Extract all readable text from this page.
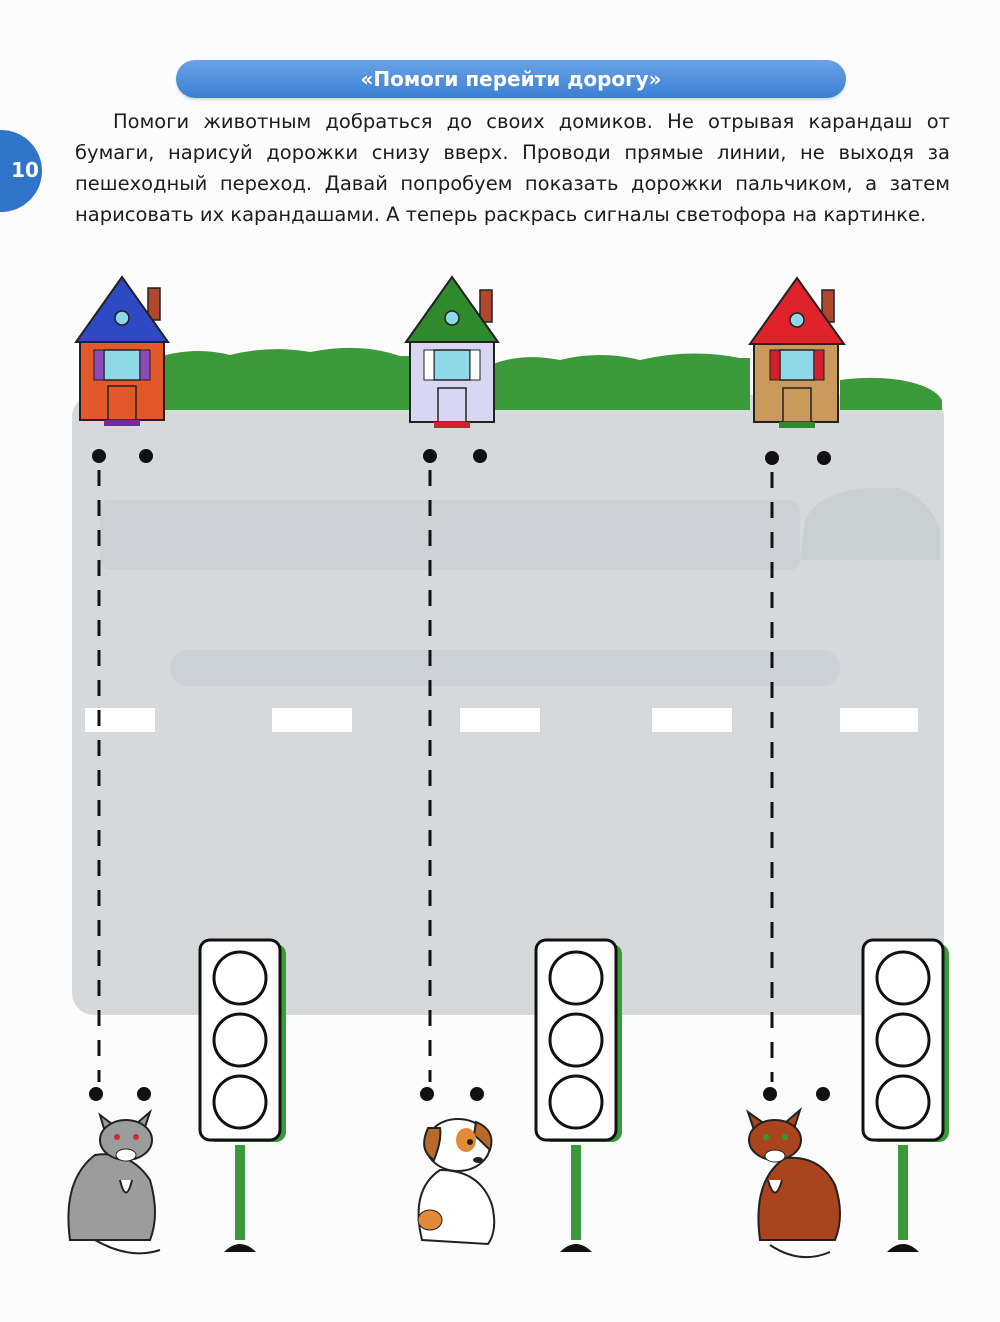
10
«Помоги перейти дорогу»

Помоги животным добраться до своих домиков. Не отрывая карандаш от бумаги, нарисуй дорожки снизу вверх. Проводи прямые линии, не выходя за пешеходный переход. Давай попробуем показать дорожки пальчиком, а затем нарисовать их карандашами. А теперь раскрась сигналы светофора на картинке.
